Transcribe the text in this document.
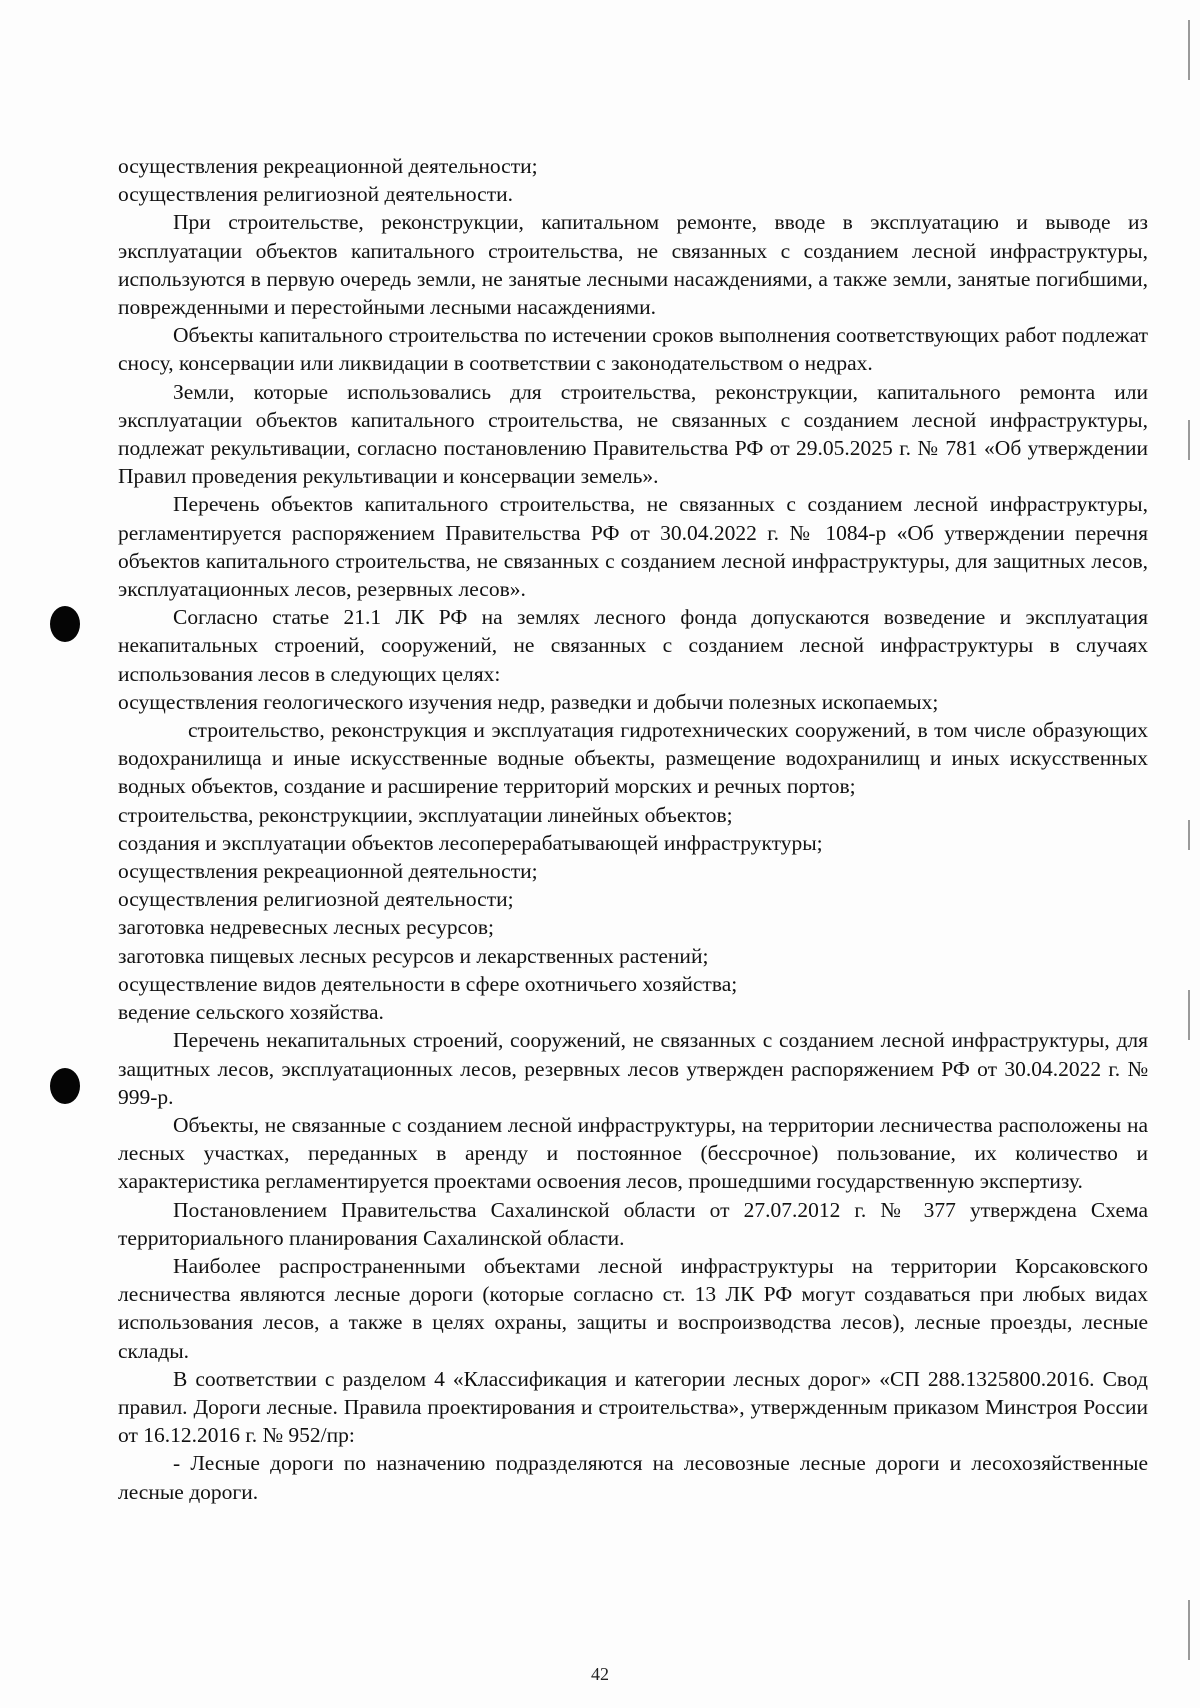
осуществления рекреационной деятельности;

осуществления религиозной деятельности.

При строительстве, реконструкции, капитальном ремонте, вводе в эксплуатацию и выводе из эксплуатации объектов капитального строительства, не связанных с созданием лесной инфраструктуры, используются в первую очередь земли, не занятые лесными насаждениями, а также земли, занятые погибшими, поврежденными и перестойными лесными насаждениями.

Объекты капитального строительства по истечении сроков выполнения соответствующих работ подлежат сносу, консервации или ликвидации в соответствии с законодательством о недрах.

Земли, которые использовались для строительства, реконструкции, капитального ремонта или эксплуатации объектов капитального строительства, не связанных с созданием лесной инфраструктуры, подлежат рекультивации, согласно постановлению Правительства РФ от 29.05.2025 г. № 781 «Об утверждении Правил проведения рекультивации и консервации земель».

Перечень объектов капитального строительства, не связанных с созданием лесной инфраструктуры, регламентируется распоряжением Правительства РФ от 30.04.2022 г. № 1084-р «Об утверждении перечня объектов капитального строительства, не связанных с созданием лесной инфраструктуры, для защитных лесов, эксплуатационных лесов, резервных лесов».

Согласно статье 21.1 ЛК РФ на землях лесного фонда допускаются возведение и эксплуатация некапитальных строений, сооружений, не связанных с созданием лесной инфраструктуры в случаях использования лесов в следующих целях:

осуществления геологического изучения недр, разведки и добычи полезных ископаемых;

строительство, реконструкция и эксплуатация гидротехнических сооружений, в том числе образующих водохранилища и иные искусственные водные объекты, размещение водохранилищ и иных искусственных водных объектов, создание и расширение территорий морских и речных портов;

строительства, реконструкциии, эксплуатации линейных объектов;

создания и эксплуатации объектов лесоперерабатывающей инфраструктуры;

осуществления рекреационной деятельности;

осуществления религиозной деятельности;

заготовка недревесных лесных ресурсов;

заготовка пищевых лесных ресурсов и лекарственных растений;

осуществление видов деятельности в сфере охотничьего хозяйства;

ведение сельского хозяйства.

Перечень некапитальных строений, сооружений, не связанных с созданием лесной инфраструктуры, для защитных лесов, эксплуатационных лесов, резервных лесов утвержден распоряжением РФ от 30.04.2022 г. № 999-р.

Объекты, не связанные с созданием лесной инфраструктуры, на территории лесничества расположены на лесных участках, переданных в аренду и постоянное (бессрочное) пользование, их количество и характеристика регламентируется проектами освоения лесов, прошедшими государственную экспертизу.

Постановлением Правительства Сахалинской области от 27.07.2012 г. № 377 утверждена Схема территориального планирования Сахалинской области.

Наиболее распространенными объектами лесной инфраструктуры на территории Корсаковского лесничества являются лесные дороги (которые согласно ст. 13 ЛК РФ могут создаваться при любых видах использования лесов, а также в целях охраны, защиты и воспроизводства лесов), лесные проезды, лесные склады.

В соответствии с разделом 4 «Классификация и категории лесных дорог» «СП 288.1325800.2016. Свод правил. Дороги лесные. Правила проектирования и строительства», утвержденным приказом Минстроя России от 16.12.2016 г. № 952/пр:

- Лесные дороги по назначению подразделяются на лесовозные лесные дороги и лесохозяйственные лесные дороги.

42
